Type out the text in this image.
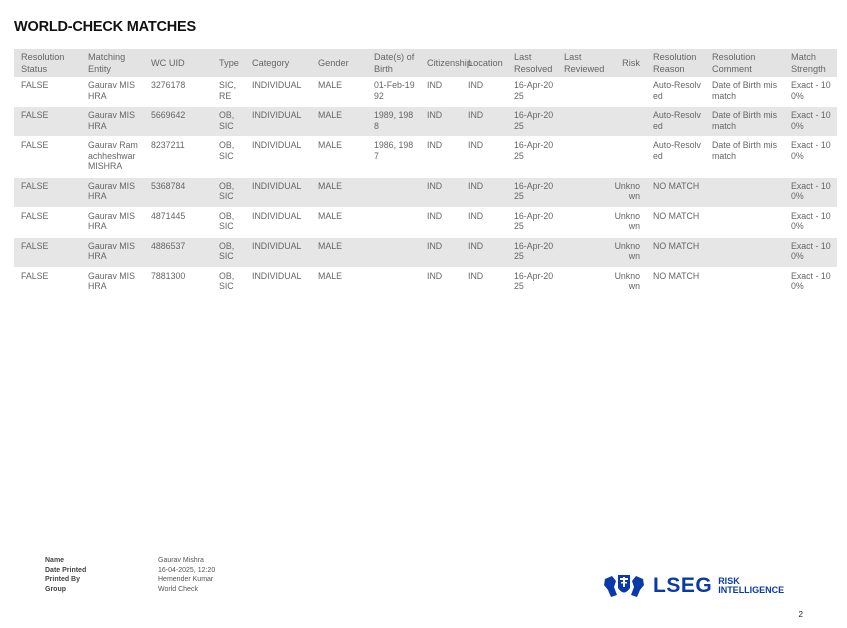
WORLD-CHECK MATCHES
Resolution Status	Matching Entity	WC UID	Type	Category	Gender	Date(s) of Birth	Citizenship	Location	Last Resolved	Last Reviewed	Risk	Resolution Reason	Resolution Comment	Match Strength
FALSE	Gaurav MISHRA	3276178	SIC, RE	INDIVIDUAL	MALE	01-Feb-1992	IND	IND	16-Apr-2025			Auto-Resolved	Date of Birth mismatch	Exact - 100%
FALSE	Gaurav MISHRA	5669642	OB, SIC	INDIVIDUAL	MALE	1989, 1988	IND	IND	16-Apr-2025			Auto-Resolved	Date of Birth mismatch	Exact - 100%
FALSE	Gaurav Ramachheshwar MISHRA	8237211	OB, SIC	INDIVIDUAL	MALE	1986, 1987	IND	IND	16-Apr-2025			Auto-Resolved	Date of Birth mismatch	Exact - 100%
FALSE	Gaurav MISHRA	5368784	OB, SIC	INDIVIDUAL	MALE		IND	IND	16-Apr-2025		Unknown	NO MATCH		Exact - 100%
FALSE	Gaurav MISHRA	4871445	OB, SIC	INDIVIDUAL	MALE		IND	IND	16-Apr-2025		Unknown	NO MATCH		Exact - 100%
FALSE	Gaurav MISHRA	4886537	OB, SIC	INDIVIDUAL	MALE		IND	IND	16-Apr-2025		Unknown	NO MATCH		Exact - 100%
FALSE	Gaurav MISHRA	7881300	OB, SIC	INDIVIDUAL	MALE		IND	IND	16-Apr-2025		Unknown	NO MATCH		Exact - 100%
Name	Gaurav Mishra
Date Printed	16-04-2025, 12:20
Printed By	Hemender Kumar
Group	World Check	LSEG RISK
INTELLIGENCE
2
